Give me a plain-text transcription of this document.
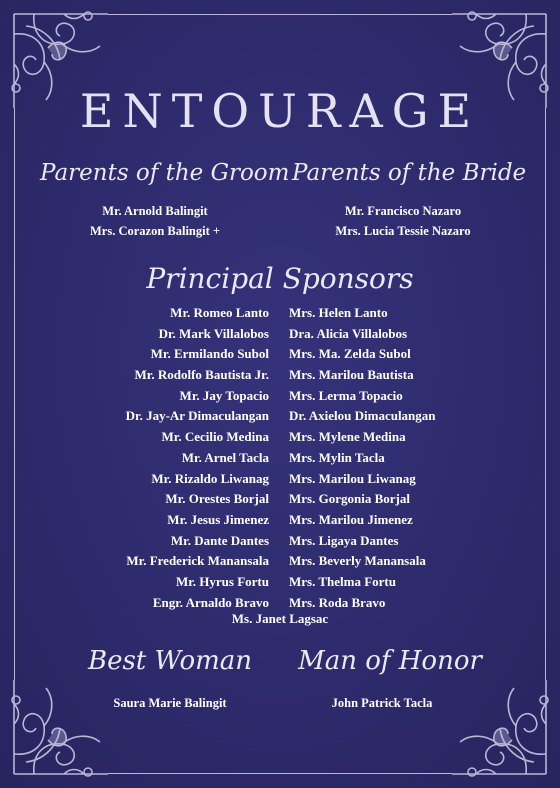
ENTOURAGE
Parents of the Groom Parents of the Bride
Mr. Arnold Balingit
Mrs. Corazon Balingit +
Mr. Francisco Nazaro
Mrs. Lucia Tessie Nazaro
Principal Sponsors
Mr. Romeo Lanto
Dr. Mark Villalobos
Mr. Ermilando Subol
Mr. Rodolfo Bautista Jr.
Mr. Jay Topacio
Dr. Jay-Ar Dimaculangan
Mr. Cecilio Medina
Mr. Arnel Tacla
Mr. Rizaldo Liwanag
Mr. Orestes Borjal
Mr. Jesus Jimenez
Mr. Dante Dantes
Mr. Frederick Manansala
Mr. Hyrus Fortu
Engr. Arnaldo Bravo
Mrs. Helen Lanto
Dra. Alicia Villalobos
Mrs. Ma. Zelda Subol
Mrs. Marilou Bautista
Mrs. Lerma Topacio
Dr. Axielou Dimaculangan
Mrs. Mylene Medina
Mrs. Mylin Tacla
Mrs. Marilou Liwanag
Mrs. Gorgonia Borjal
Mrs. Marilou Jimenez
Mrs. Ligaya Dantes
Mrs. Beverly Manansala
Mrs. Thelma Fortu
Mrs. Roda Bravo
Ms. Janet Lagsac
Best Woman	Man of Honor
Saura Marie Balingit	John Patrick Tacla
